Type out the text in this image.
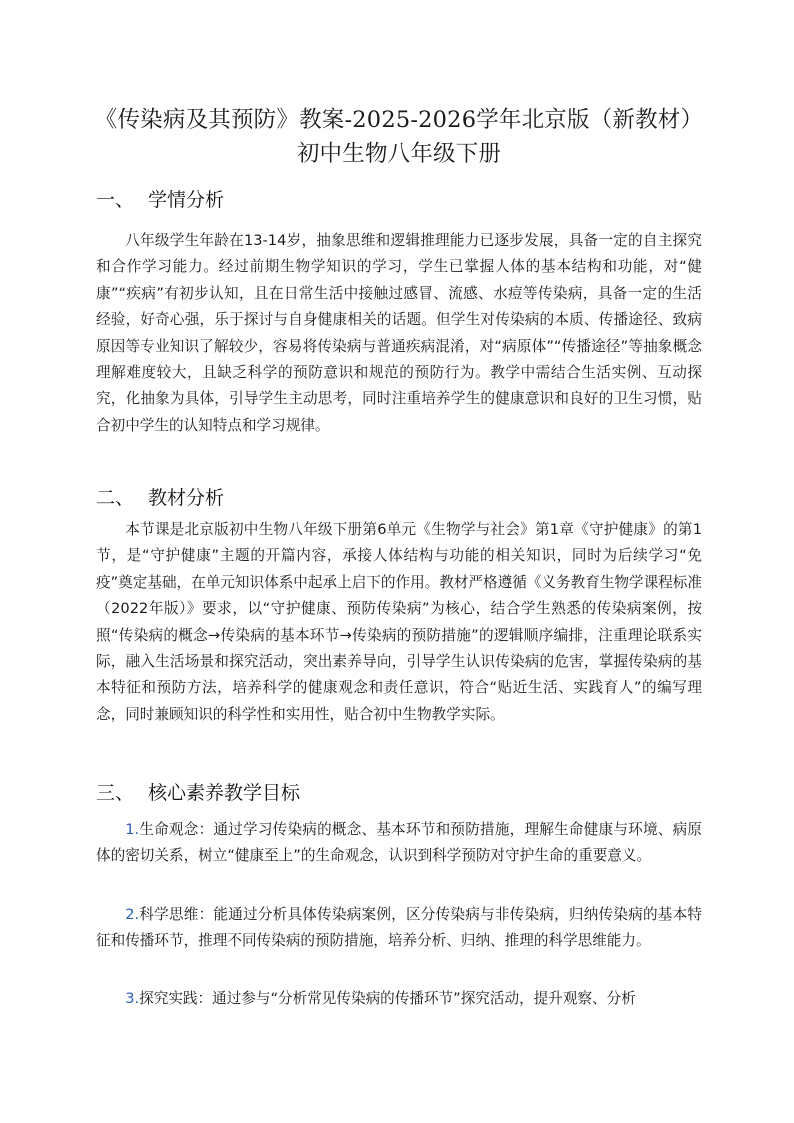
《传染病及其预防》教案-2025-2026学年北京版（新教材）初中生物八年级下册
一、 学情分析

八年级学生年龄在13-14岁，抽象思维和逻辑推理能力已逐步发展，具备一定的自主探究和合作学习能力。经过前期生物学知识的学习，学生已掌握人体的基本结构和功能，对“健康”“疾病”有初步认知，且在日常生活中接触过感冒、流感、水痘等传染病，具备一定的生活经验，好奇心强，乐于探讨与自身健康相关的话题。但学生对传染病的本质、传播途径、致病原因等专业知识了解较少，容易将传染病与普通疾病混淆，对“病原体”“传播途径”等抽象概念理解难度较大，且缺乏科学的预防意识和规范的预防行为。教学中需结合生活实例、互动探究，化抽象为具体，引导学生主动思考，同时注重培养学生的健康意识和良好的卫生习惯，贴合初中学生的认知特点和学习规律。

二、 教材分析

本节课是北京版初中生物八年级下册第6单元《生物学与社会》第1章《守护健康》的第1节，是“守护健康”主题的开篇内容，承接人体结构与功能的相关知识，同时为后续学习“免疫”奠定基础，在单元知识体系中起承上启下的作用。教材严格遵循《义务教育生物学课程标准（2022年版）》要求，以“守护健康、预防传染病”为核心，结合学生熟悉的传染病案例，按照“传染病的概念→传染病的基本环节→传染病的预防措施”的逻辑顺序编排，注重理论联系实际，融入生活场景和探究活动，突出素养导向，引导学生认识传染病的危害，掌握传染病的基本特征和预防方法，培养科学的健康观念和责任意识，符合“贴近生活、实践育人”的编写理念，同时兼顾知识的科学性和实用性，贴合初中生物教学实际。

三、 核心素养教学目标

1.生命观念：通过学习传染病的概念、基本环节和预防措施，理解生命健康与环境、病原体的密切关系，树立“健康至上”的生命观念，认识到科学预防对守护生命的重要意义。

2.科学思维：能通过分析具体传染病案例，区分传染病与非传染病，归纳传染病的基本特征和传播环节，推理不同传染病的预防措施，培养分析、归纳、推理的科学思维能力。

3.探究实践：通过参与“分析常见传染病的传播环节”探究活动，提升观察、分析
